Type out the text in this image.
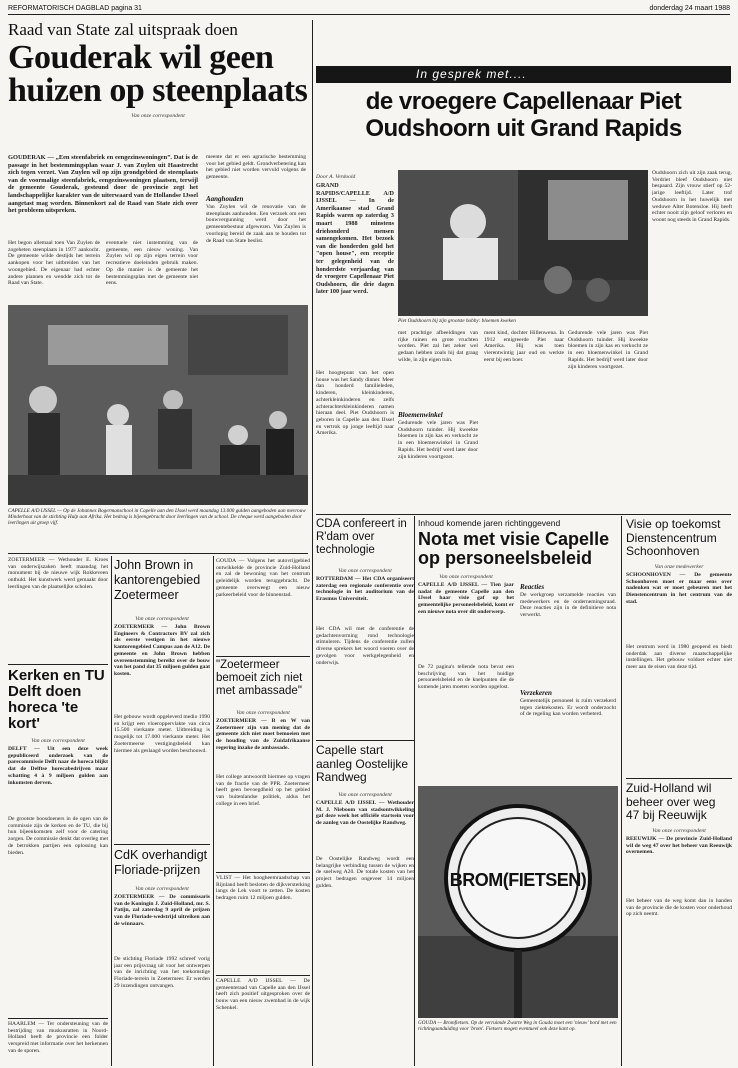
REFORMATORISCH DAGBLAD pagina 31	donderdag 24 maart 1988
Raad van State zal uitspraak doen
Gouderak wil geen huizen op steenplaats
Van onze correspondent
GOUDERAK — „Een steenfabriek en eengezinswoningen”. Dat is de passage in het bestemmingsplan waar J. van Zuylen uit Haastrecht zich tegen verzet. Van Zuylen wil op zijn grondgebied de steenplaats van de voormalige steenfabriek, eengezinswoningen plaatsen, terwijl de gemeente Gouderak, gesteund door de provincie zegt het landschappelijke karakter van de uiterwaard van de Hollandse IJssel aangetast mag worden. Binnenkort zal de Raad van State zich over het probleem uitspreken.
Het begon allemaal toen Van Zuylen de zogeheten steenplaats in 1977 aankocht. De gemeente wilde destijds het terrein aankopen voor het uitbreiden van het woongebied. De eigenaar had echter andere plannen en wendde zich tot de Raad van State.
eventuele niet instemming van de gemeente, een nieuw woning. Van Zuylen wil op zijn eigen terrein voor recreatieve doeleinden gebruik maken. Op die manier is de gemeente het bestemmingsplan met de gemeente niet eens.
meente dat er een agrarische bestemming voor het gebied geldt. Grondverbetering kan het gebied niet worden vervuld volgens de gemeente.
Aanghouden
Van Zuylen wil de renovatie van de steenplaats aanhouden. Een verzoek om een bouwvergunning werd door het gemeentebestuur afgewezen. Van Zuylen is voorlopig bereid de zaak aan te houden tot de Raad van State beslist.
CAPELLE A/D IJSSEL — Op de Johannes Bogermanschool in Capelle aan den IJssel werd maandag 13.000 gulden aangeboden aan mevrouw Minderhout van de stichting Hulp aan Afrika. Het bedrag is bijeengebracht door leerlingen van de school. De cheque werd aangeboden door leerlingen uit groep vijf.
ZOETERMEER — Wethouder E. Kroes van onderwijszaken heeft maandag het monument bij de nieuwe wijk Rokkeveen onthuld. Het kunstwerk werd gemaakt door leerlingen van de plaatselijke scholen.
Kerken en TU Delft doen horeca 'te kort'
Van onze correspondent
DELFT — Uit een deze week gepubliceerd onderzoek van de parecommissie Delft naar de horeca blijkt dat de Delftse horecabedrijven maar schatting 4 à 9 miljoen gulden aan inkomsten derven.
De grootste boosdoeners in de ogen van de commissie zijn de kerken en de TU, die bij hun bijeenkomsten zelf voor de catering zorgen. De commissie denkt dat overleg met de betrokken partijen een oplossing kan bieden.
HAARLEM — Ter ondersteuning van de bestrijding van muskusratten in Noord-Holland heeft de provincie een folder verspreid met informatie over het herkennen van de sporen.
John Brown in kantorengebied Zoetermeer
Van onze correspondent
ZOETERMEER — John Brown Engineers & Contractors BV zal zich als eerste vestigen in het nieuwe kantorengebied Campus aan de A12. De gemeente en John Brown hebben overeenstemming bereikt over de bouw van het pand dat 35 miljoen gulden gaat kosten.
Het gebouw wordt opgeleverd medio 1990 en krijgt een vloeroppervlakte van circa 15.500 vierkante meter. Uitbreiding is mogelijk tot 17.000 vierkante meter. Het Zoetermeerse vestigingsbeleid kan hiermee als geslaagd worden beschouwd.
CdK overhandigt Floriade-prijzen
Van onze correspondent
ZOETERMEER — De commissaris van de Koningin J. Zuid-Holland, mr. S. Patijn, zal zaterdag 9 april de prijzen van de Floriade-wedstrijd uitreiken aan de winnaars.
De stichting Floriade 1992 schreef vorig jaar een prijsvraag uit voor het ontwerpen van de inrichting van het toekomstige Floriade-terrein in Zoetermeer. Er werden 29 inzendingen ontvangen.
GOUDA — Volgens het autovrijgebied ontwikkelde de provincie Zuid-Holland en zal de bewoning van het centrum geleidelijk worden teruggebracht. De gemeente overweegt een nieuw parkeerbeleid voor de binnenstad.
"Zoetermeer bemoeit zich niet met ambassade"
Van onze correspondent
ZOETERMEER — B en W van Zoetermeer zijn van mening dat de gemeente zich niet moet bemoeien met de houding van de Zuidafrikaanse regering inzake de ambassade.
Het college antwoordt hiermee op vragen van de fractie van de PPR. Zoetermeer heeft geen bevoegdheid op het gebied van buitenlandse politiek, aldus het college in een brief.
VLIST — Het hoogheemraadschap van Rijnland heeft besloten de dijkversterking langs de Lek voort te zetten. De kosten bedragen ruim 12 miljoen gulden.
CAPELLE A/D IJSSEL — De gemeenteraad van Capelle aan den IJssel heeft zich positief uitgesproken over de bouw van een nieuw zwembad in de wijk Schenkel.
In gesprek met....
de vroegere Capellenaar Piet Oudshoorn uit Grand Rapids
Door A. Verdoold
GRAND RAPIDS/CAPELLE A/D IJSSEL — In de Amerikaanse stad Grand Rapids waren op zaterdag 3 maart 1988 minstens driehonderd mensen samengekomen. Het bezoek van die honderden gold het "open house", een receptie ter gelegenheid van de honderdste verjaardag van de vroegere Capellenaar Piet Oudshoorn, die drie dagen later 100 jaar werd.
Het hoogtepunt van het open house was het Sandy dinner. Meer dan honderd familieleden, kinderen, kleinkinderen, achterkleinkinderen en zelfs achterachterkleinkinderen namen hieraan deel. Piet Oudshoorn is geboren in Capelle aan den IJssel en vertrok op jonge leeftijd naar Amerika.
Piet Oudshoorn bij zijn grootste hobby: bloemen kweken
met prachtige afbeeldingen van rijke tuinen en grote vruchten worden. Piet zal het zeker wel gedaan hebben zoals hij dat graag wilde, in zijn eigen tuin.
Bloemenwinkel
Gedurende vele jaren was Piet Oudshoorn tuinder. Hij kweekte bloemen in zijn kas en verkocht ze in een bloemenwinkel in Grand Rapids. Het bedrijf werd later door zijn kinderen voortgezet.
ment kind, dochter Hillenwena. In 1912 emigreerde Piet naar Amerika. Hij was toen vierentwintig jaar oud en werkte eerst bij een boer.
Gedurende vele jaren was Piet Oudshoorn tuinder. Hij kweekte bloemen in zijn kas en verkocht ze in een bloemenwinkel in Grand Rapids. Het bedrijf werd later door zijn kinderen voortgezet.
Oudshoorn zich uit zijn zaak terug. Verdriet bleef Oudshoorn niet bespaard. Zijn vrouw stierf op 52-jarige leeftijd. Later trof Oudshoorn in het huwelijk met weduwe Alter Botensloe. Hij heeft echter nooit zijn geloof verloren en woont nog steeds in Grand Rapids.
CDA confereert in R'dam over technologie
Van onze correspondent
ROTTERDAM — Het CDA organiseert zaterdag een regionale conferentie over technologie in het auditorium van de Erasmus Universiteit.
Het CDA wil met de conferentie de gedachtenvorming rond technologie stimuleren. Tijdens de conferentie zullen diverse sprekers het woord voeren over de gevolgen voor werkgelegenheid en onderwijs.
Capelle start aanleg Oostelijke Randweg
Van onze correspondent
CAPELLE A/D IJSSEL — Wethouder M. J. Nieboom van stadsontwikkeling gaf deze week het officiële startsein voor de aanleg van de Oostelijke Randweg.
De Oostelijke Randweg wordt een belangrijke verbinding tussen de wijken en de snelweg A20. De totale kosten van het project bedragen ongeveer 14 miljoen gulden.
Inhoud komende jaren richtinggevend
Nota met visie Capelle op personeelsbeleid
Van onze correspondent
CAPELLE A/D IJSSEL — Tien jaar nadat de gemeente Capelle aan den IJssel haar visie gaf op het gemeentelijke personeelsbeleid, komt er een nieuwe nota over dit onderwerp.
De 72 pagina's tellende nota bevat een beschrijving van het huidige personeelsbeleid en de knelpunten die de komende jaren moeten worden opgelost.
Reacties
De werkgroep verzamelde reacties van medewerkers en de ondernemingsraad. Deze reacties zijn in de definitieve nota verwerkt.
Verzekeren
Gemeentelijk personeel is ruim verzekerd tegen ziektekosten. Er wordt onderzocht of de regeling kan worden verbeterd.
BROM(FIETSEN)
GOUDA — Bromfietsen. Op de verruimde Zwarte Weg in Gouda moet een 'nieuw' bord met een richtingaanduiding voor 'brom'. Fietsers mogen eventueel ook deze kant op.
Visie op toekomst Dienstencentrum Schoonhoven
Van onze medewerker
SCHOONHOVEN — De gemeente Schoonhoven moet er maar eens over nadenken wat er moet gebeuren met het Dienstencentrum in het centrum van de stad.
Het centrum werd in 1980 geopend en biedt onderdak aan diverse maatschappelijke instellingen. Het gebouw voldoet echter niet meer aan de eisen van deze tijd.
Zuid-Holland wil beheer over weg 47 bij Reeuwijk
Van onze correspondent
REEUWIJK — De provincie Zuid-Holland wil de weg 47 over het beheer van Reeuwijk overnemen.
Het beheer van de weg komt dan in handen van de provincie die de kosten voor onderhoud op zich neemt.
